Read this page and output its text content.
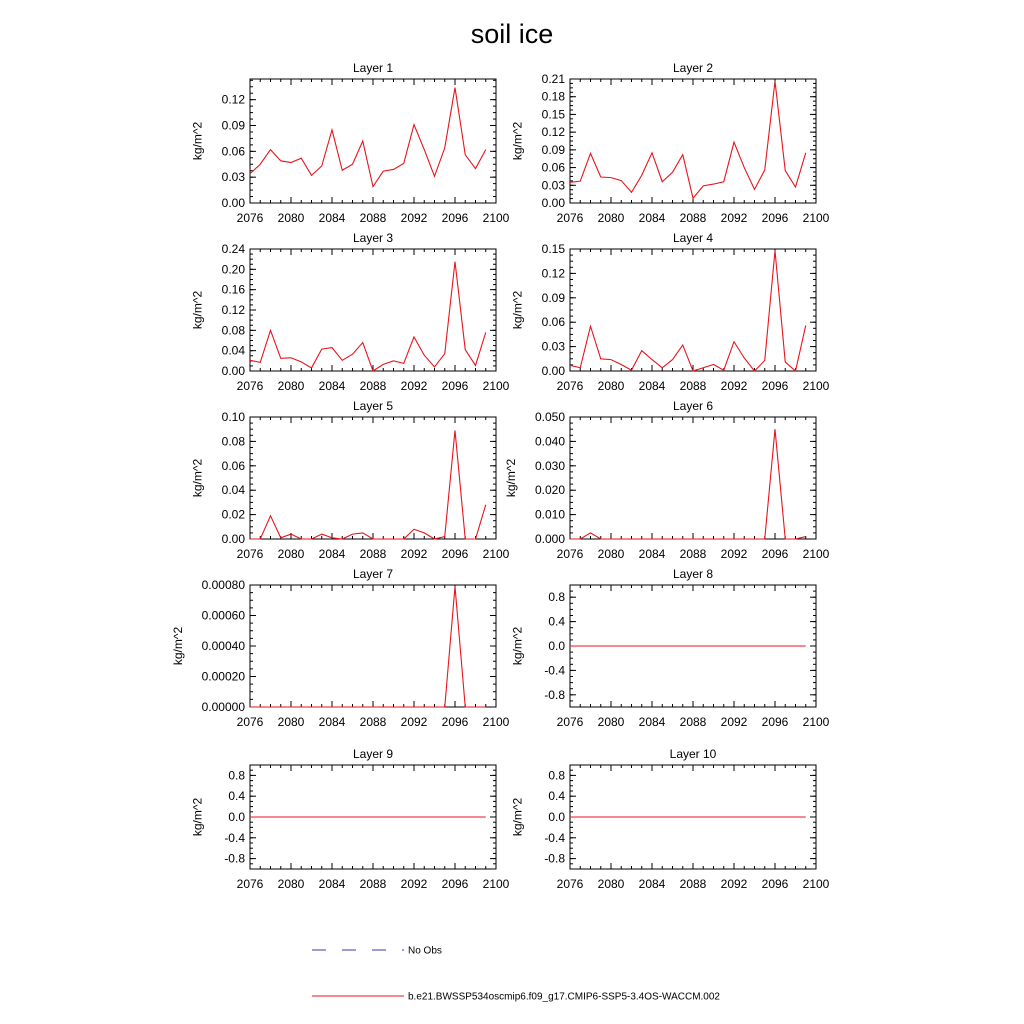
soil ice
Layer 1
2076 2080 2084 2088 2092 2096 2100
0.00
0.03
0.06
0.09
0.12
kg/m^2
Layer 2
2076 2080 2084 2088 2092 2096 2100
0.00
0.03
0.06
0.09
0.12
0.15
0.18
0.21
kg/m^2
Layer 3
2076 2080 2084 2088 2092 2096 2100
0.00
0.04
0.08
0.12
0.16
0.20
0.24
kg/m^2
Layer 4
2076 2080 2084 2088 2092 2096 2100
0.00
0.03
0.06
0.09
0.12
0.15
kg/m^2
Layer 5
2076 2080 2084 2088 2092 2096 2100
0.00
0.02
0.04
0.06
0.08
0.10
kg/m^2
Layer 6
2076 2080 2084 2088 2092 2096 2100
0.000
0.010
0.020
0.030
0.040
0.050
kg/m^2
Layer 7
2076 2080 2084 2088 2092 2096 2100
0.00000
0.00020
0.00040
0.00060
0.00080
kg/m^2
Layer 8
2076 2080 2084 2088 2092 2096 2100
-0.8
-0.4
0.0
0.4
0.8
kg/m^2
Layer 9
2076 2080 2084 2088 2092 2096 2100
-0.8
-0.4
0.0
0.4
0.8
kg/m^2
Layer 10
2076 2080 2084 2088 2092 2096 2100
-0.8
-0.4
0.0
0.4
0.8
kg/m^2
No Obs
b.e21.BWSSP534oscmip6.f09_g17.CMIP6-SSP5-3.4OS-WACCM.002
